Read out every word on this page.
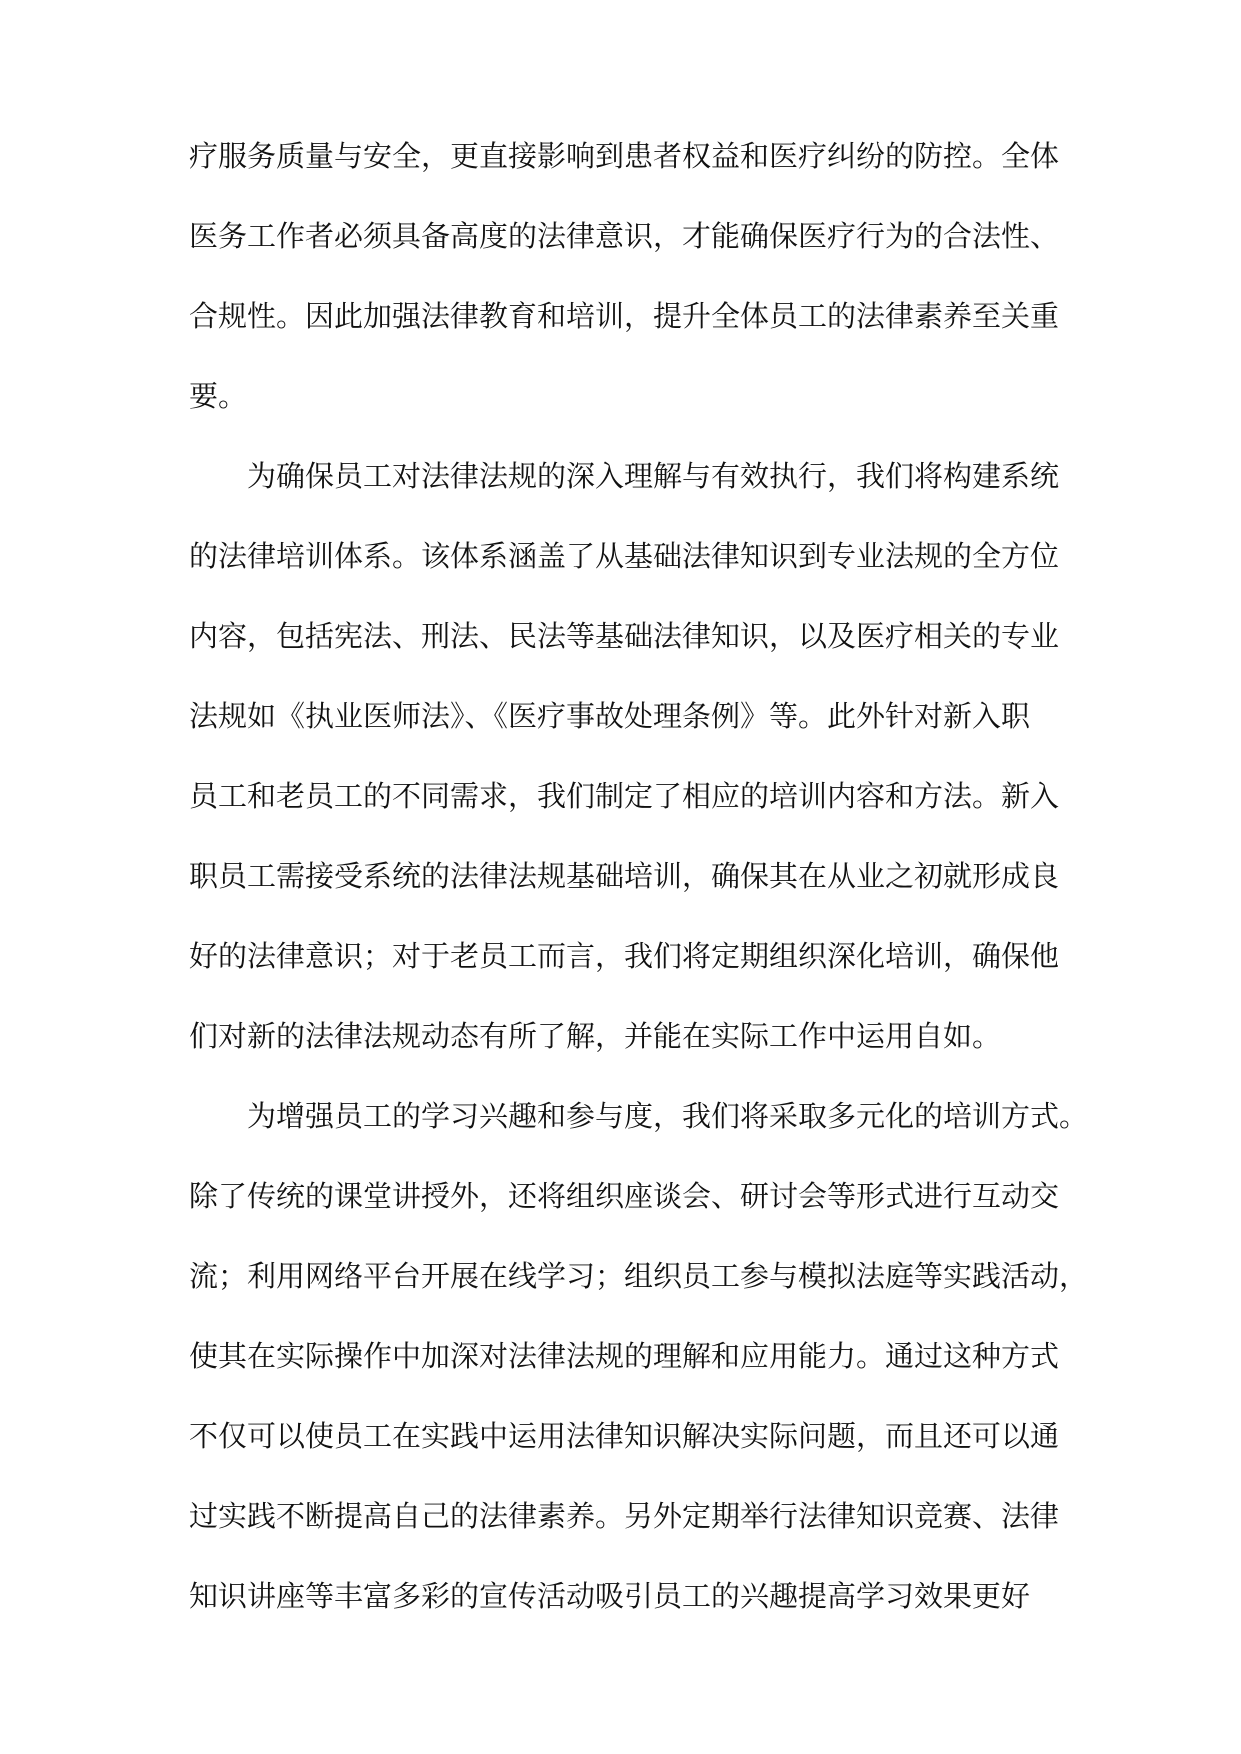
疗服务质量与安全，更直接影响到患者权益和医疗纠纷的防控。全体
医务工作者必须具备高度的法律意识，才能确保医疗行为的合法性、
合规性。因此加强法律教育和培训，提升全体员工的法律素养至关重
要。
为确保员工对法律法规的深入理解与有效执行，我们将构建系统
的法律培训体系。该体系涵盖了从基础法律知识到专业法规的全方位
内容，包括宪法、刑法、民法等基础法律知识，以及医疗相关的专业
法规如《执业医师法》、《医疗事故处理条例》等。此外针对新入职
员工和老员工的不同需求，我们制定了相应的培训内容和方法。新入
职员工需接受系统的法律法规基础培训，确保其在从业之初就形成良
好的法律意识；对于老员工而言，我们将定期组织深化培训，确保他
们对新的法律法规动态有所了解，并能在实际工作中运用自如。
为增强员工的学习兴趣和参与度，我们将采取多元化的培训方式。
除了传统的课堂讲授外，还将组织座谈会、研讨会等形式进行互动交
流；利用网络平台开展在线学习；组织员工参与模拟法庭等实践活动，
使其在实际操作中加深对法律法规的理解和应用能力。通过这种方式
不仅可以使员工在实践中运用法律知识解决实际问题，而且还可以通
过实践不断提高自己的法律素养。另外定期举行法律知识竞赛、法律
知识讲座等丰富多彩的宣传活动吸引员工的兴趣提高学习效果更好
